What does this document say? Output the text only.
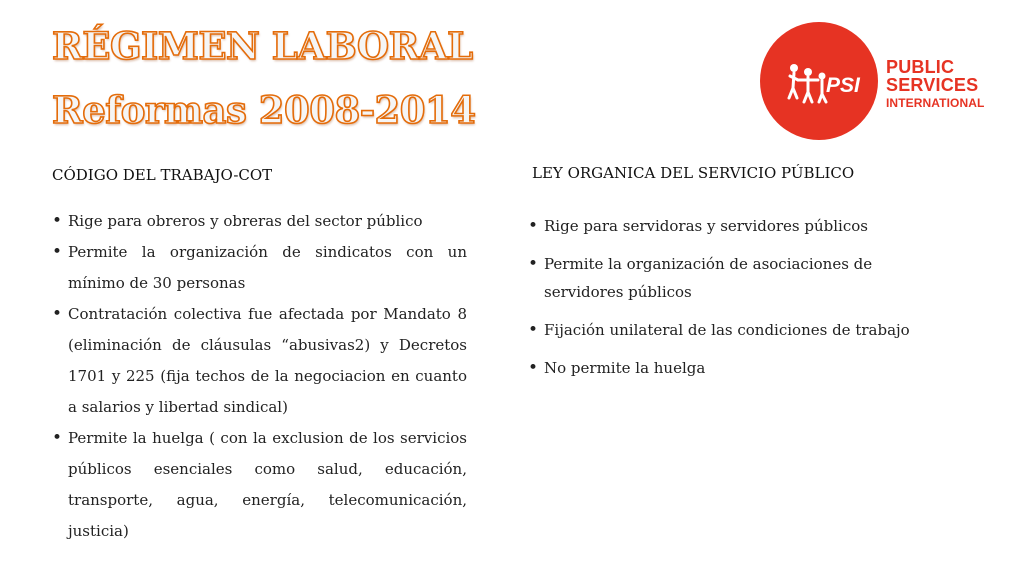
RÉGIMEN LABORAL
Reformas 2008-2014
PSI
PUBLIC
SERVICES
INTERNATIONAL
CÓDIGO DEL TRABAJO-COT
• Rige para obreros y obreras del sector público
• Permite la organización de sindicatos con un mínimo de 30 personas
• Contratación colectiva fue afectada por Mandato 8 (eliminación de cláusulas “abusivas2) y Decretos 1701 y 225 (fija techos de la negociacion en cuanto a salarios y libertad sindical)
• Permite la huelga ( con la exclusion de los servicios públicos esenciales como salud, educación, transporte, agua, energía, telecomunicación, justicia)
LEY ORGANICA DEL SERVICIO PÚBLICO
• Rige para servidoras y servidores públicos
• Permite la organización de asociaciones de servidores públicos
• Fijación unilateral de las condiciones de trabajo
• No permite la huelga
